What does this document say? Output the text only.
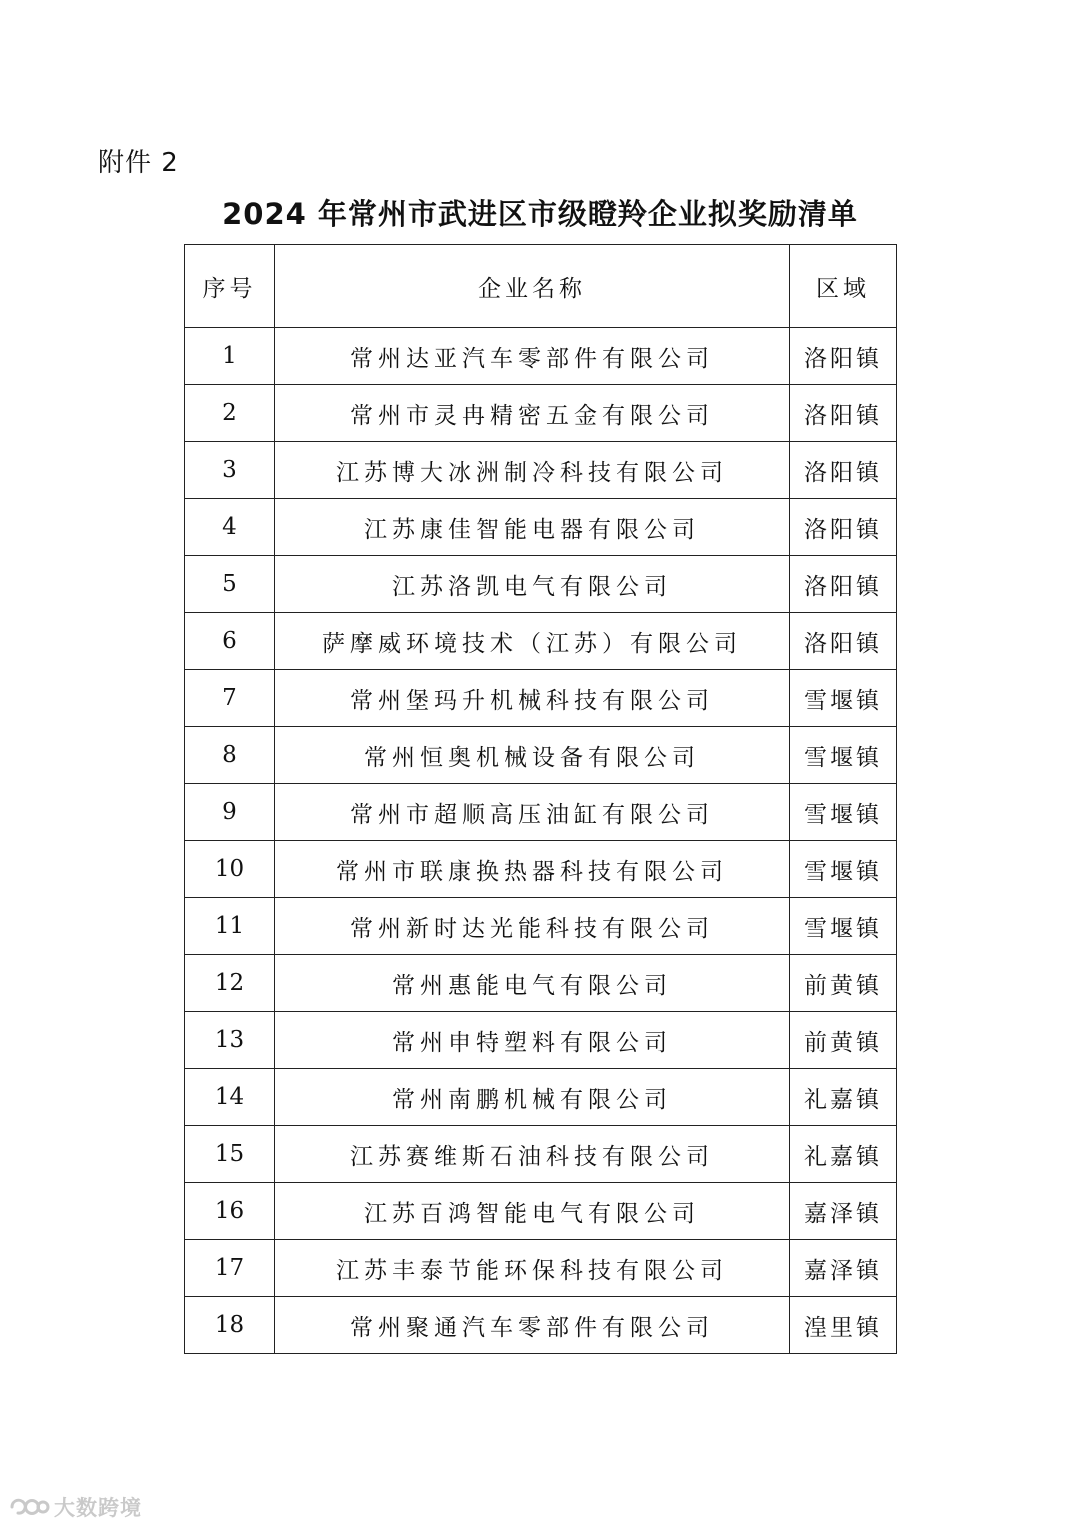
附件 2
2024 年常州市武进区市级瞪羚企业拟奖励清单
序号	企业名称	区域
1	常州达亚汽车零部件有限公司	洛阳镇
2	常州市灵冉精密五金有限公司	洛阳镇
3	江苏博大冰洲制冷科技有限公司	洛阳镇
4	江苏康佳智能电器有限公司	洛阳镇
5	江苏洛凯电气有限公司	洛阳镇
6	萨摩威环境技术（江苏）有限公司	洛阳镇
7	常州堡玛升机械科技有限公司	雪堰镇
8	常州恒奥机械设备有限公司	雪堰镇
9	常州市超顺高压油缸有限公司	雪堰镇
10	常州市联康换热器科技有限公司	雪堰镇
11	常州新时达光能科技有限公司	雪堰镇
12	常州惠能电气有限公司	前黄镇
13	常州申特塑料有限公司	前黄镇
14	常州南鹏机械有限公司	礼嘉镇
15	江苏赛维斯石油科技有限公司	礼嘉镇
16	江苏百鸿智能电气有限公司	嘉泽镇
17	江苏丰泰节能环保科技有限公司	嘉泽镇
18	常州聚通汽车零部件有限公司	湟里镇
大数跨境
